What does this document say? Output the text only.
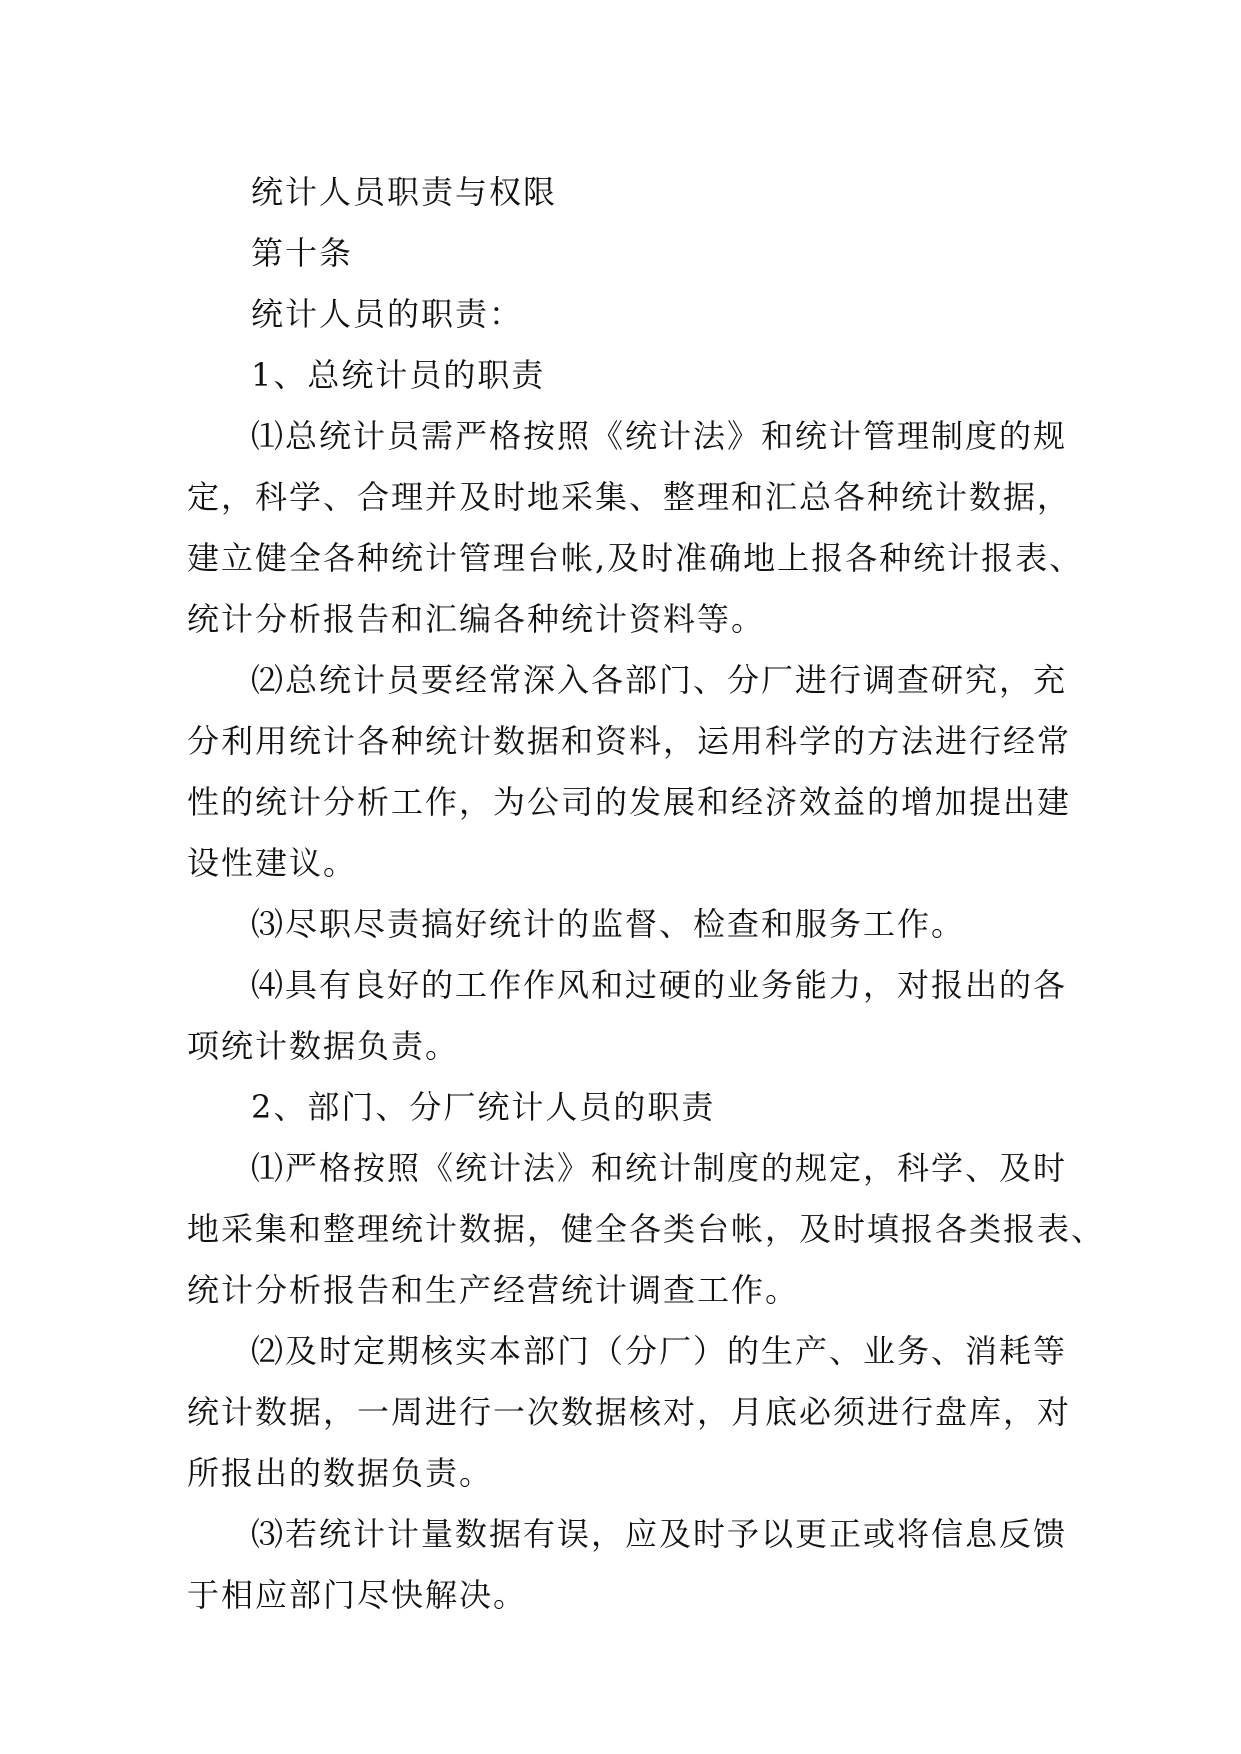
统计人员职责与权限

第十条

统计人员的职责：

1、总统计员的职责

⑴总统计员需严格按照《统计法》和统计管理制度的规

定，科学、合理并及时地采集、整理和汇总各种统计数据，

建立健全各种统计管理台帐,及时准确地上报各种统计报表、

统计分析报告和汇编各种统计资料等。

⑵总统计员要经常深入各部门、分厂进行调查研究，充

分利用统计各种统计数据和资料，运用科学的方法进行经常

性的统计分析工作，为公司的发展和经济效益的增加提出建

设性建议。

⑶尽职尽责搞好统计的监督、检查和服务工作。

⑷具有良好的工作作风和过硬的业务能力，对报出的各

项统计数据负责。

2、部门、分厂统计人员的职责

⑴严格按照《统计法》和统计制度的规定，科学、及时

地采集和整理统计数据，健全各类台帐，及时填报各类报表、

统计分析报告和生产经营统计调查工作。

⑵及时定期核实本部门（分厂）的生产、业务、消耗等

统计数据，一周进行一次数据核对，月底必须进行盘库，对

所报出的数据负责。

⑶若统计计量数据有误，应及时予以更正或将信息反馈

于相应部门尽快解决。
